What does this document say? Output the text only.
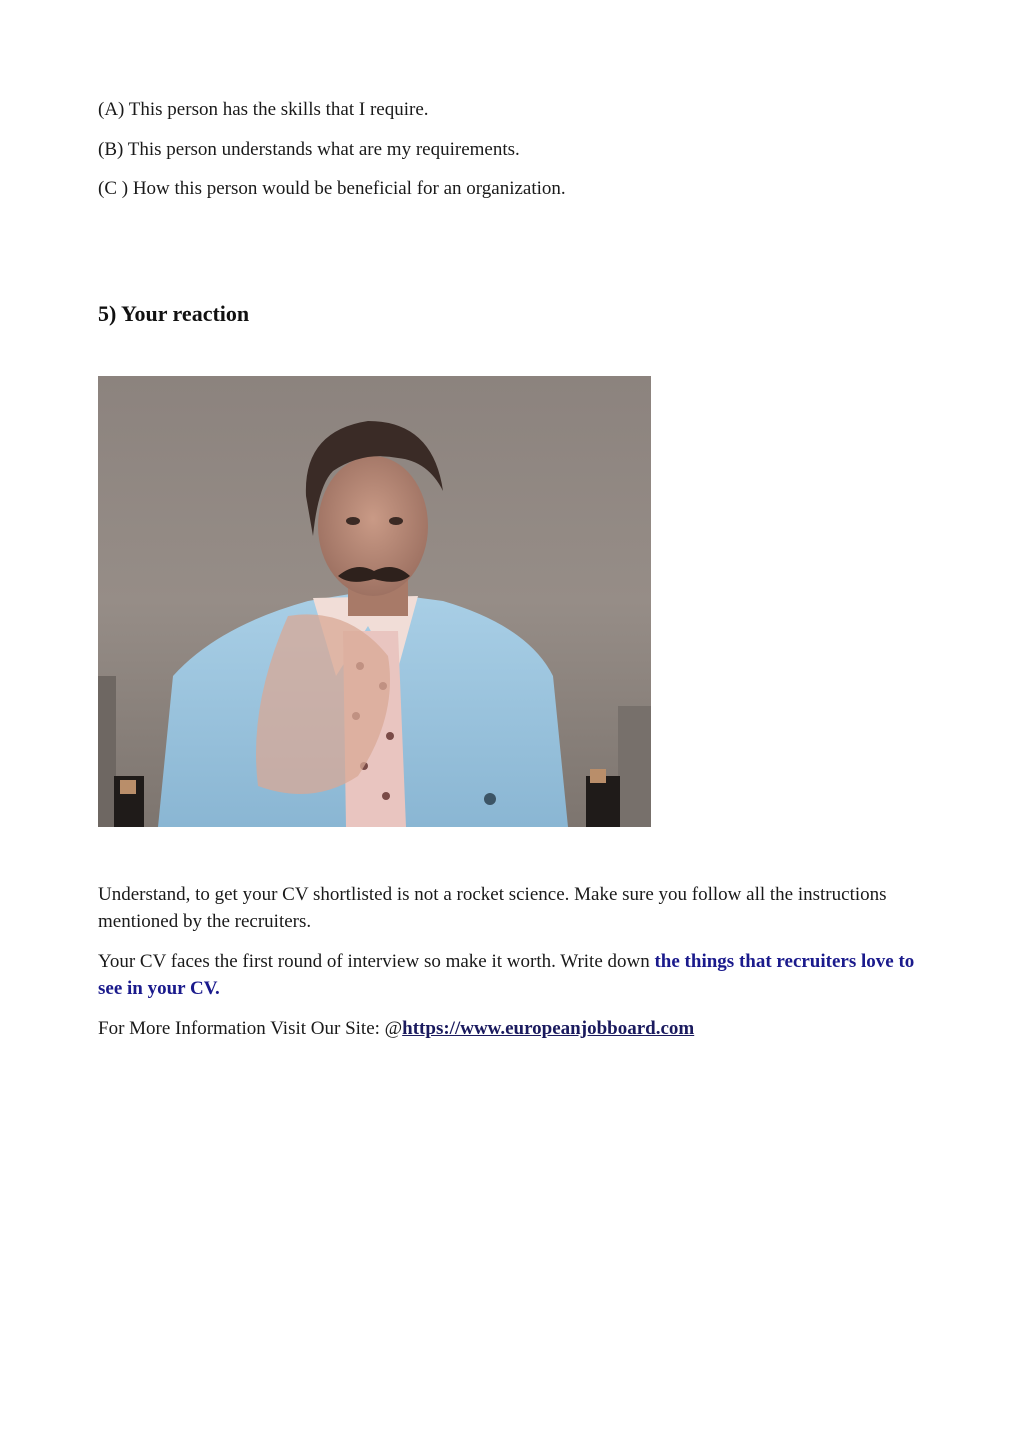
(A) This person has the skills that I require.
(B) This person understands what are my requirements.
(C ) How this person would be beneficial for an organization.
5) Your reaction

Understand, to get your CV shortlisted is not a rocket science. Make sure you follow all the instructions mentioned by the recruiters.

Your CV faces the first round of interview so make it worth. Write down the things that recruiters love to see in your CV.

For More Information Visit Our Site: @https://www.europeanjobboard.com
